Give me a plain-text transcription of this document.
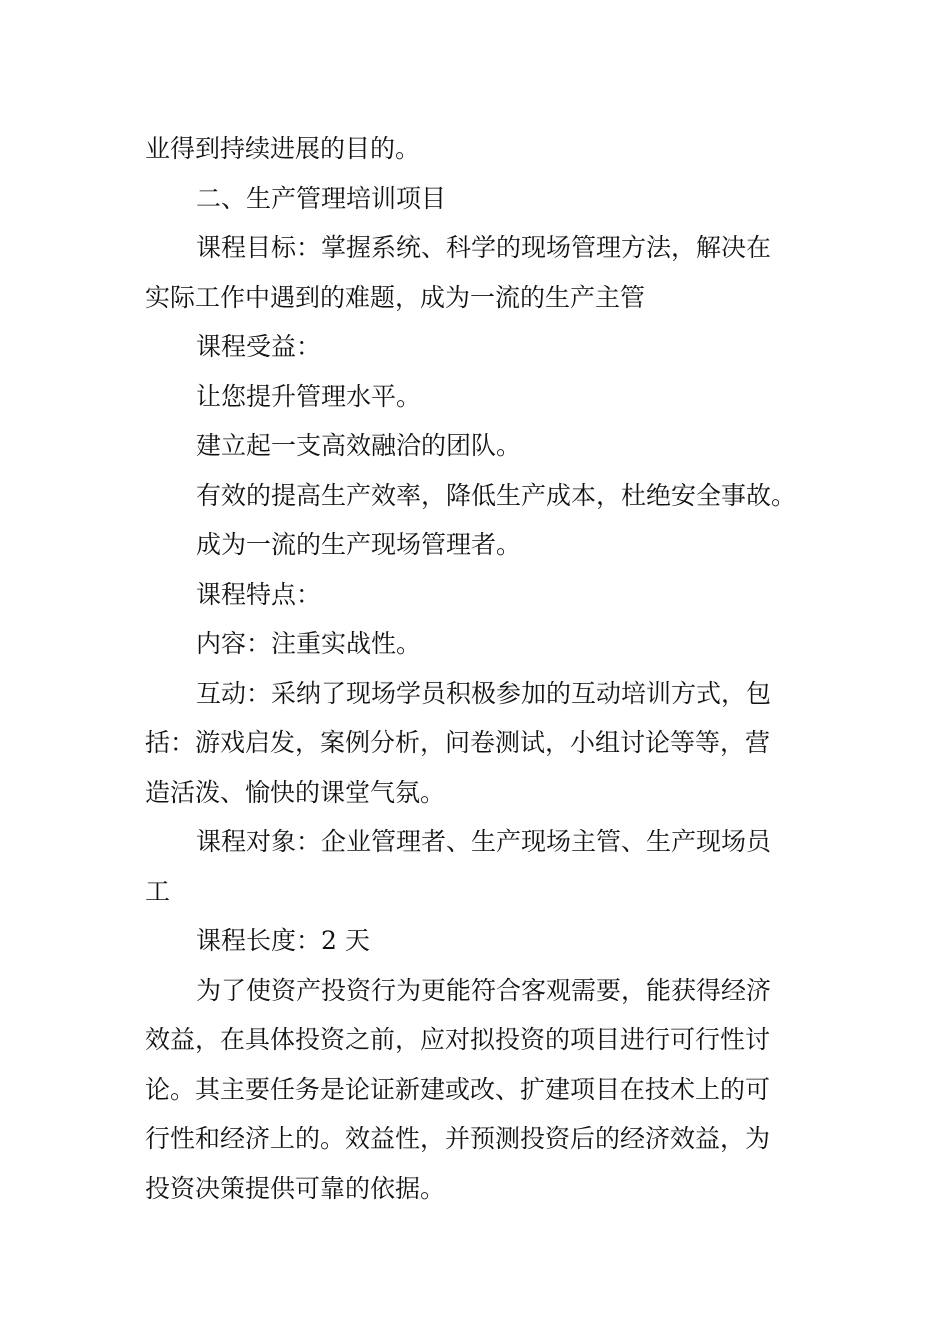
业得到持续进展的目的。

二、生产管理培训项目

课程目标：掌握系统、科学的现场管理方法，解决在

实际工作中遇到的难题，成为一流的生产主管

课程受益：

让您提升管理水平。

建立起一支高效融洽的团队。

有效的提高生产效率，降低生产成本，杜绝安全事故。

成为一流的生产现场管理者。

课程特点：

内容：注重实战性。

互动：采纳了现场学员积极参加的互动培训方式，包

括：游戏启发，案例分析，问卷测试，小组讨论等等，营

造活泼、愉快的课堂气氛。

课程对象：企业管理者、生产现场主管、生产现场员

工

课程长度：2 天

为了使资产投资行为更能符合客观需要，能获得经济

效益，在具体投资之前，应对拟投资的项目进行可行性讨

论。其主要任务是论证新建或改、扩建项目在技术上的可

行性和经济上的。效益性，并预测投资后的经济效益，为

投资决策提供可靠的依据。
